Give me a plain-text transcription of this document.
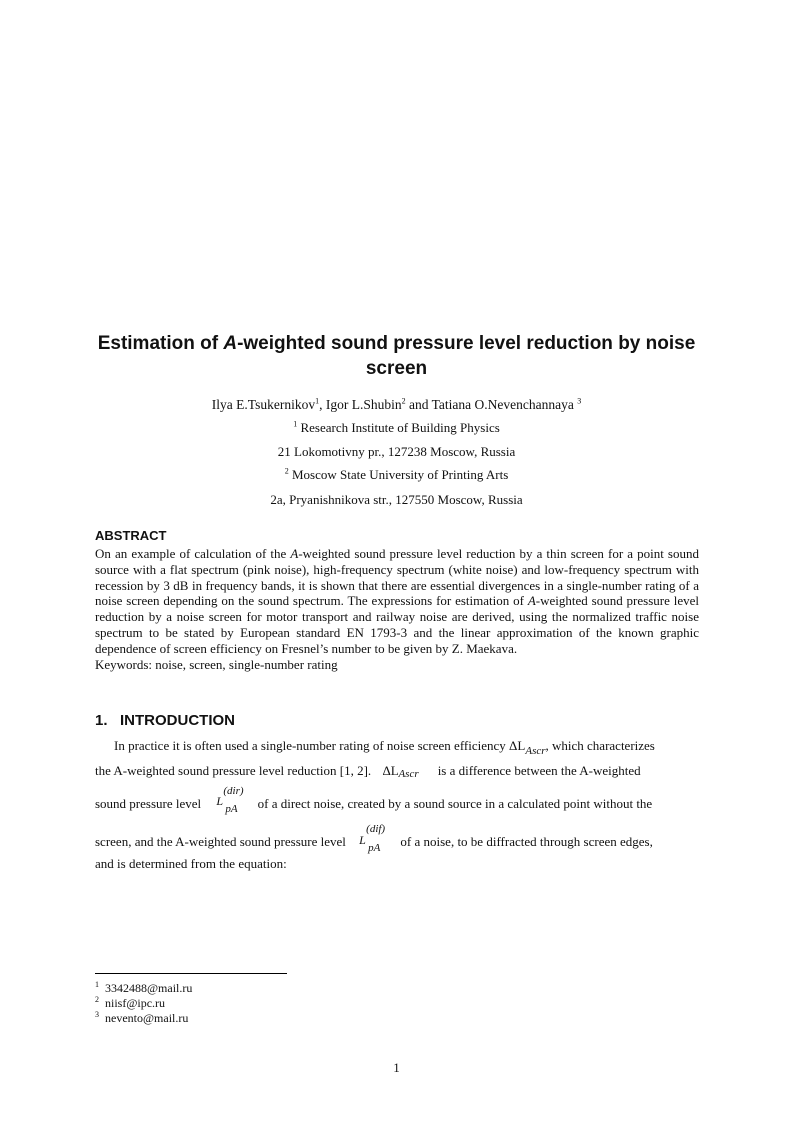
Estimation of A-weighted sound pressure level reduction by noise
screen
Ilya E.Tsukernikov$^1$, Igor L.Shubin$^2$ and Tatiana O.Nevenchannaya $^3$
$^1$ Research Institute of Building Physics
21 Lokomotivny pr., 127238 Moscow, Russia
$^2$ Moscow State University of Printing Arts
2a, Pryanishnikova str., 127550 Moscow, Russia
ABSTRACT
On an example of calculation of the A-weighted sound pressure level reduction by a thin screen for a point sound source with a flat spectrum (pink noise), high-frequency spectrum (white noise) and low-frequency spectrum with recession by 3 dB in frequency bands, it is shown that there are essential divergences in a single-number rating of a noise screen depending on the sound spectrum. The expressions for estimation of A-weighted sound pressure level reduction by a noise screen for motor transport and railway noise are derived, using the normalized traffic noise spectrum to be stated by European standard EN 1793-3 and the linear approximation of the known graphic dependence of screen efficiency on Fresnel’s number to be given by Z. Maekava.
Keywords: noise, screen, single-number rating
1. INTRODUCTION
In practice it is often used a single-number rating of noise screen efficiency $\Delta L_{Ascr}$, which characterizes
the A-weighted sound pressure level reduction [1, 2]. ΔL Ascr is a difference between the A-weighted
sound pressure level L
(dir)
pA of a direct noise, created by a sound source in a calculated point without the
screen, and the A-weighted sound pressure level L
(dif)
pA of a noise, to be diffracted through screen edges,
and is determined from the equation:
$^1$ 3342488@mail.ru
$^2$ niisf@ipc.ru
$^3$ nevento@mail.ru
1
